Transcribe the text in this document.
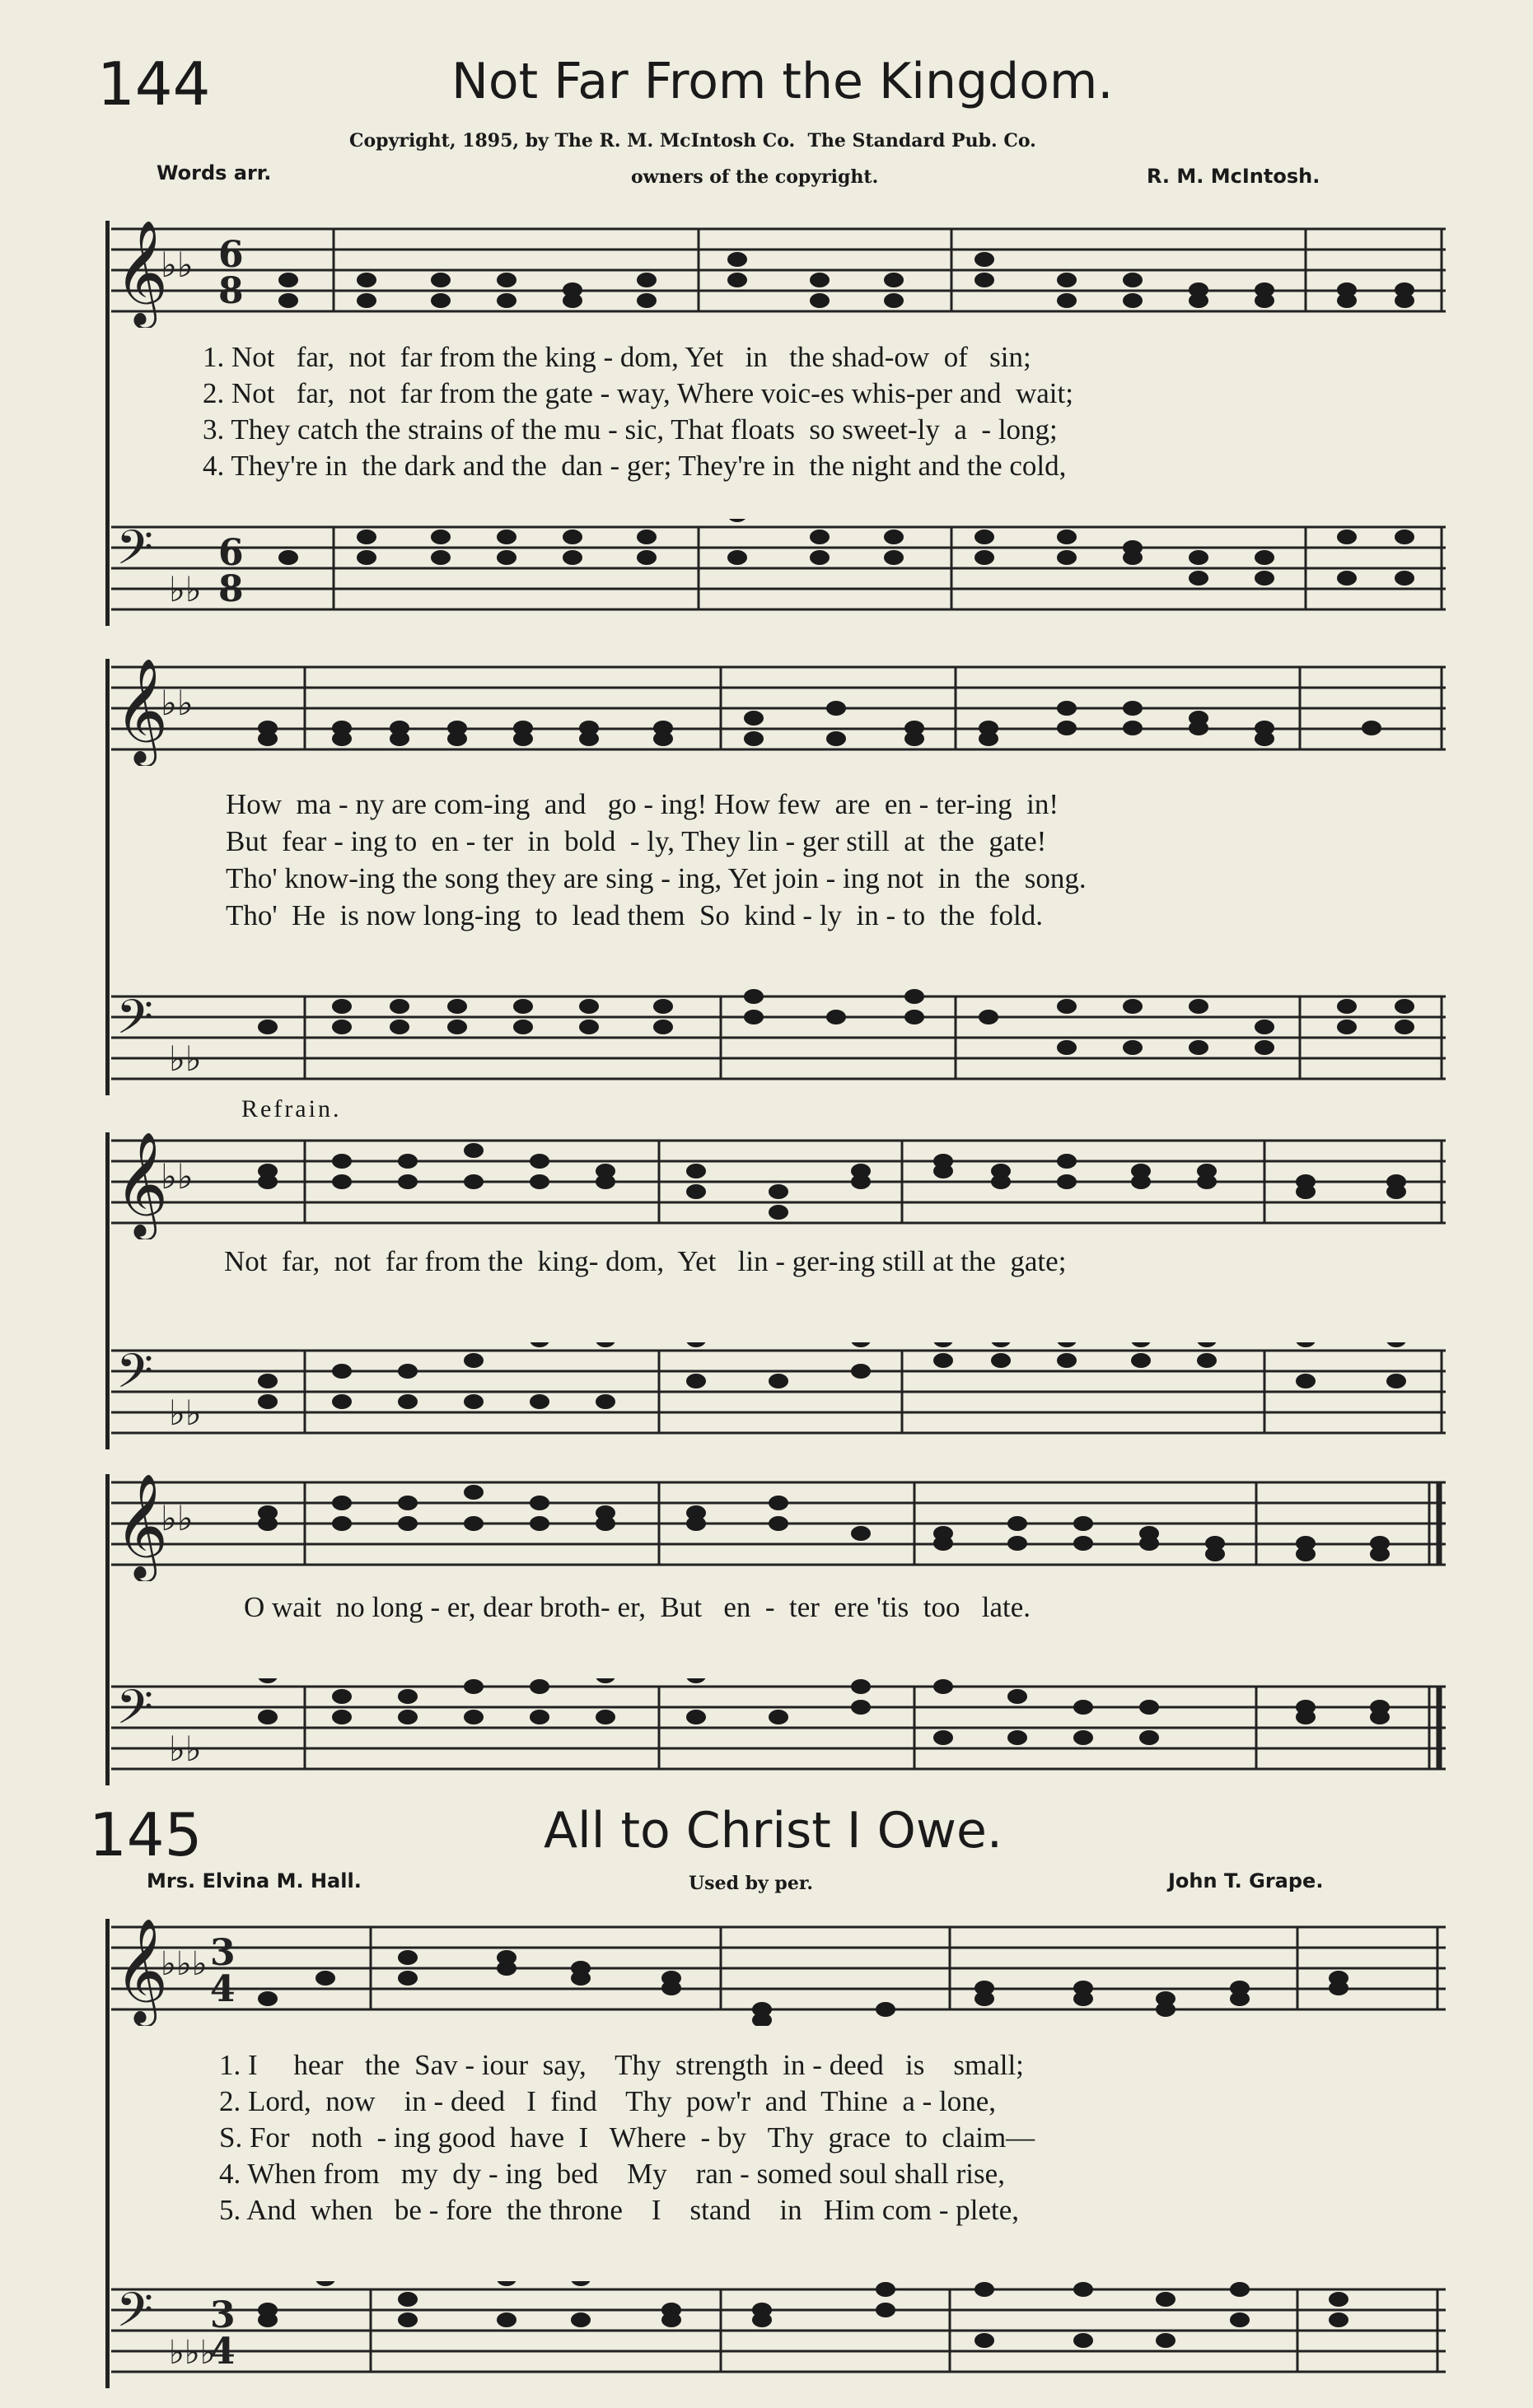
144	Not Far From the Kingdom.
Copyright, 1895, by The R. M. McIntosh Co.  The Standard Pub. Co.
Words arr.	owners of the copyright.	R. M. McIntosh.
𝄞
♭♭ 6
8
1. Not   far,  not  far from the king - dom, Yet   in   the shad-ow  of   sin;
2. Not   far,  not  far from the gate - way, Where voic-es whis-per and  wait;
3. They catch the strains of the mu - sic, That floats  so sweet-ly  a  - long;
4. They're in  the dark and the  dan - ger; They're in  the night and the cold,
𝄢
♭♭
6
8
𝄞
♭♭
How  ma - ny are com-ing  and   go - ing! How few  are  en - ter-ing  in!
But  fear - ing to  en - ter  in  bold  - ly, They lin - ger still  at  the  gate!
Tho' know-ing the song they are sing - ing, Yet join - ing not  in  the  song.
Tho'  He  is now long-ing  to  lead them  So  kind - ly  in - to  the  fold.
𝄢
♭♭
Refrain.
𝄞
♭♭
Not  far,  not  far from the  king- dom,  Yet   lin - ger-ing still at the  gate;
𝄢
♭♭
𝄞
♭♭
O wait  no long - er, dear broth- er,  But   en  -  ter  ere 'tis  too   late.
𝄢
♭♭
145	All to Christ I Owe.
Mrs. Elvina M. Hall.	Used by per.	John T. Grape.
𝄞
♭♭♭ 3
4
1. I     hear   the  Sav - iour  say,    Thy  strength  in - deed   is    small;
2. Lord,  now    in - deed   I  find    Thy  pow'r  and  Thine  a - lone,
S. For   noth  - ing good  have  I   Where  - by   Thy  grace  to  claim—
4. When from   my  dy - ing  bed    My    ran - somed soul shall rise,
5. And  when   be - fore  the throne    I    stand    in   Him com - plete,
𝄢
♭♭♭
3
4
